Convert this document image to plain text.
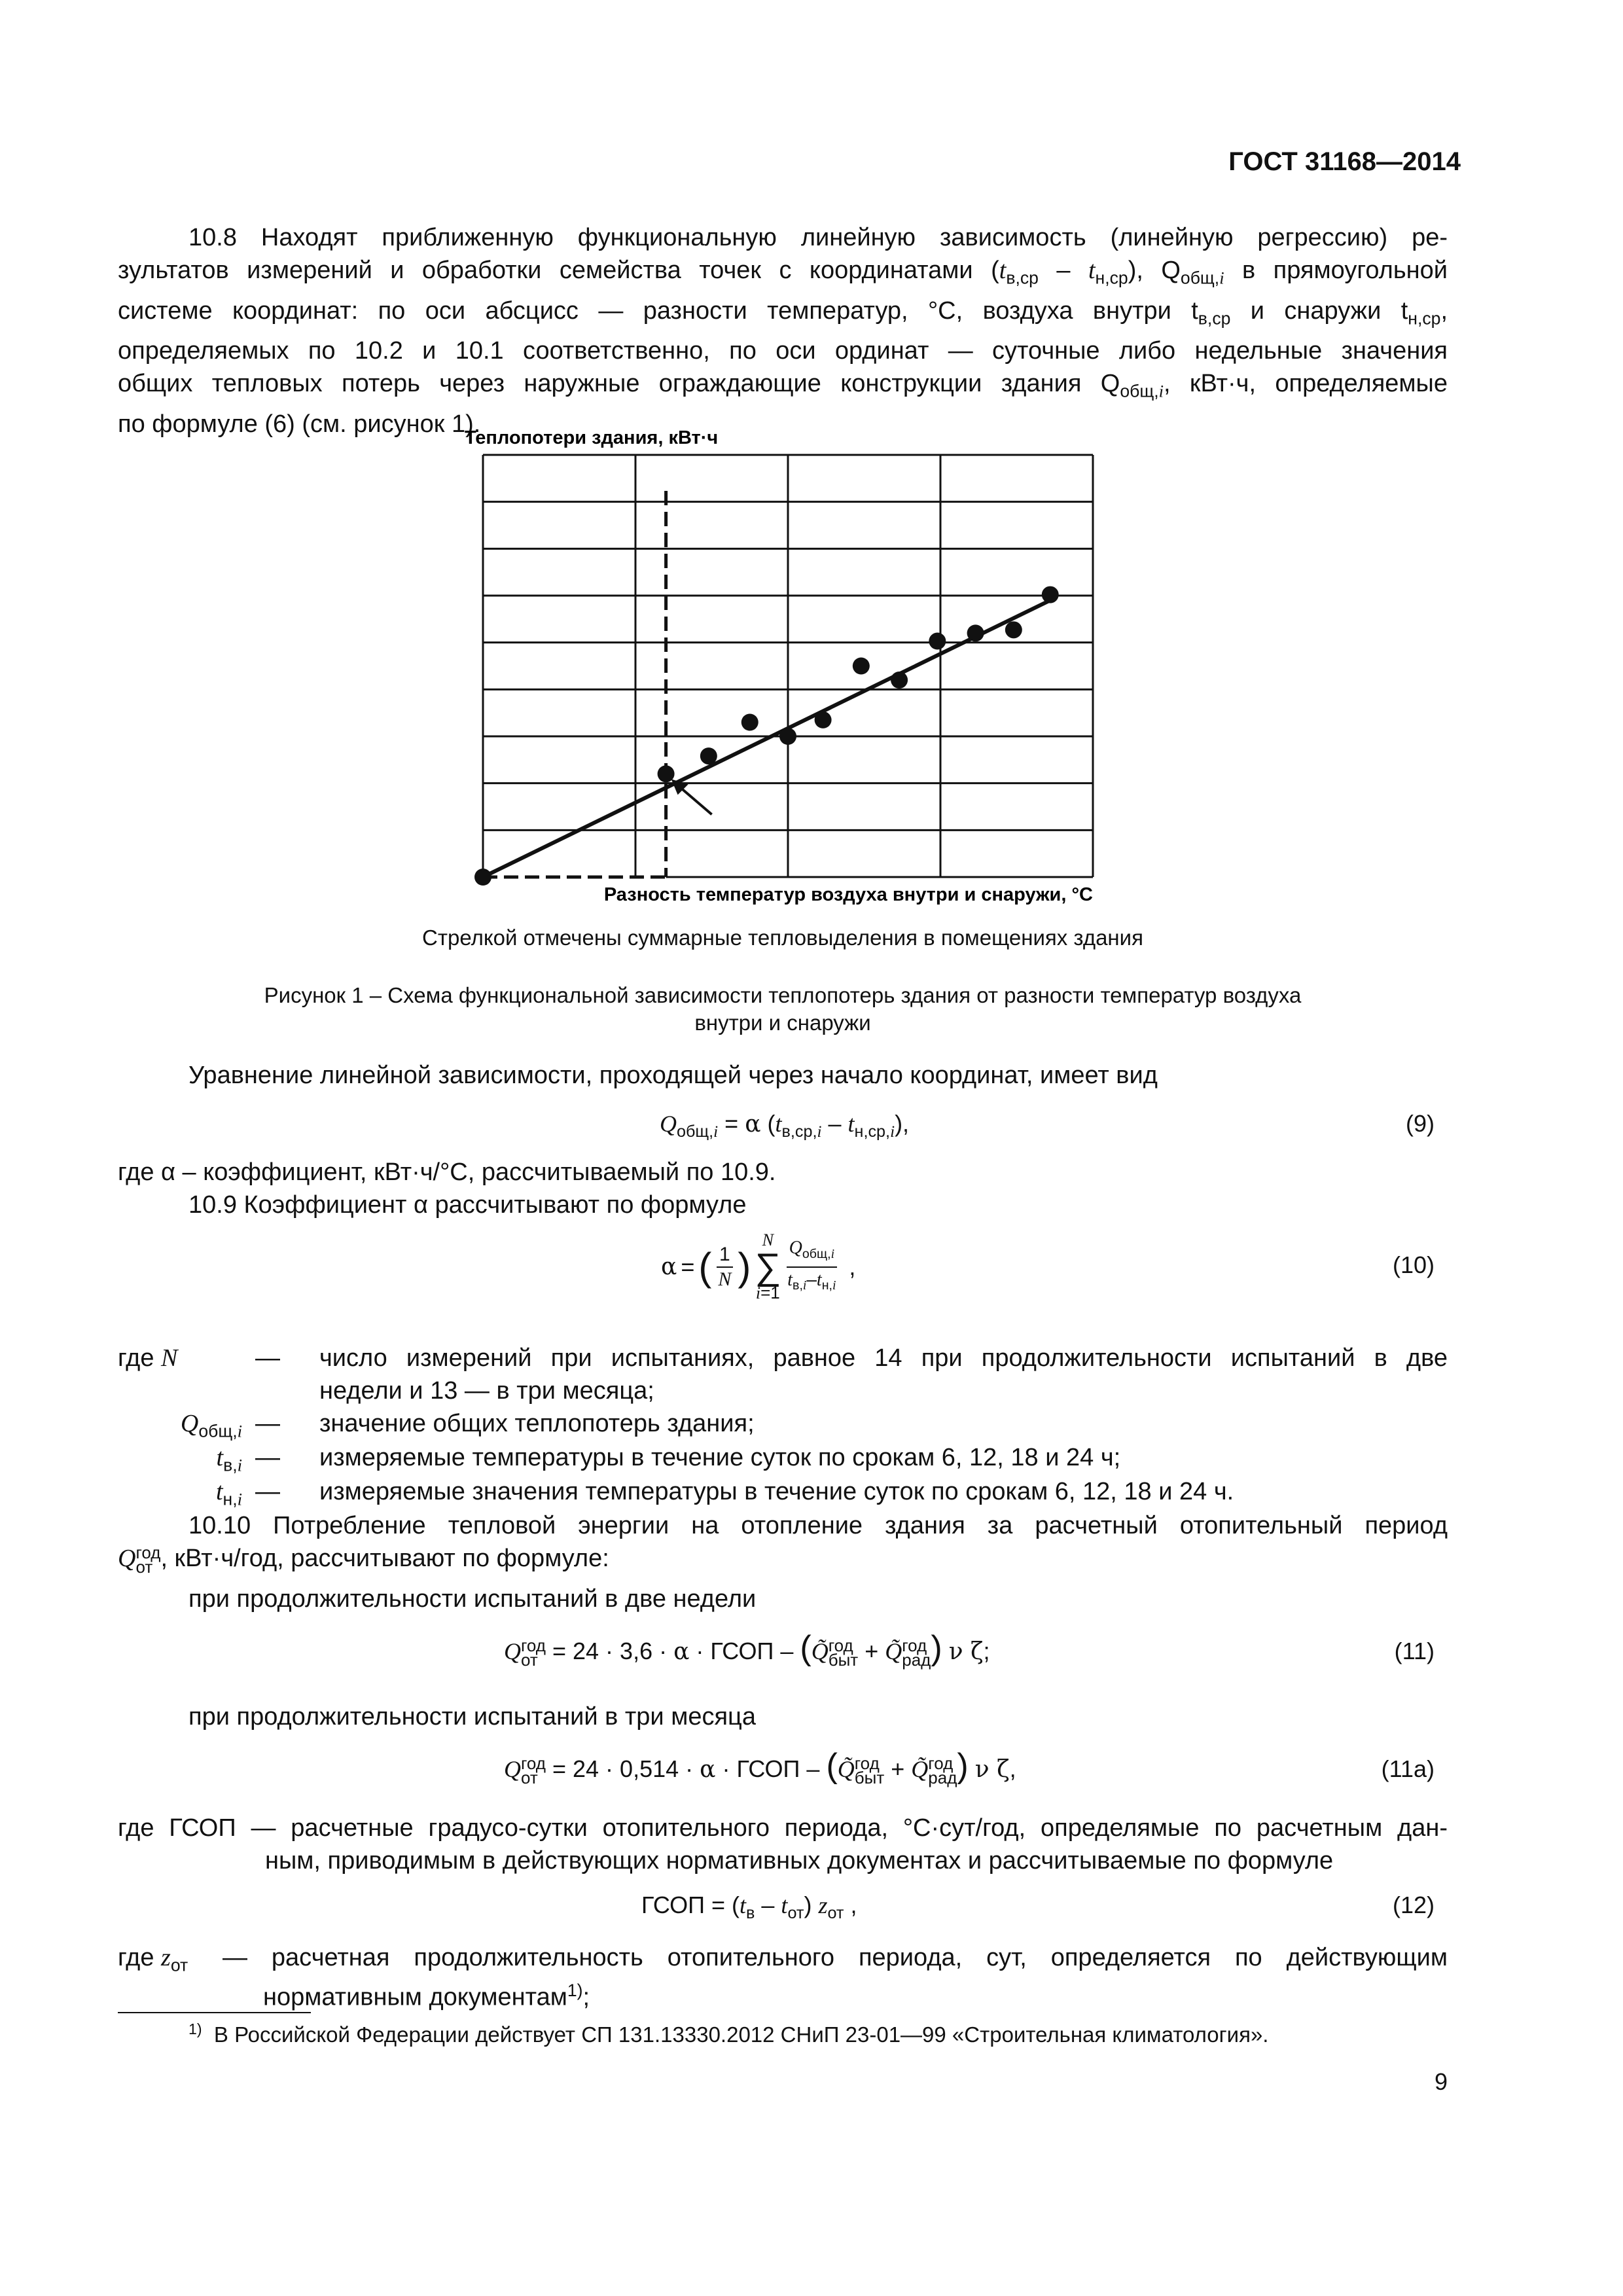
ГОСТ 31168—2014
10.8 Находят приближенную функциональную линейную зависимость (линейную регрессию) ре-
зультатов измерений и обработки семейства точек с координатами $(t_{в,ср} - t_{н,ср})$, $Q_{общ,i}$ в прямоугольной
системе координат: по оси абсцисс — разности температур, °С, воздуха внутри $t_{в,ср}$ и снаружи $t_{н,ср}$,
определяемых по 10.2 и 10.1 соответственно, по оси ординат — суточные либо недельные значения
общих тепловых потерь через наружные ограждающие конструкции здания $Q_{общ,i}$, кВт·ч, определяемые
по формуле (6) (см. рисунок 1).
Теплопотери здания, кВт·ч
Разность температур воздуха внутри и снаружи, °С
Стрелкой отмечены суммарные тепловыделения в помещениях здания
Рисунок 1 – Схема функциональной зависимости теплопотерь здания от разности температур воздуха
внутри и снаружи
Уравнение линейной зависимости, проходящей через начало координат, имеет вид
$Q_{общ,i} = \alpha$ $(t_{в,ср,i} - t_{н,ср,i})$,	(9)
где α – коэффициент, кВт·ч/°С, рассчитываемый по 10.9.
10.9 Коэффициент α рассчитывают по формуле
α = ( $\frac{1}{N}$ )
N
∑
$i=1 \frac{Q_{общ,i}}{t_{в,i}-t_{н,i}}$ ,	(10)
где N	— число измерений при испытаниях, равное 14 при продолжительности испытаний в две
недели и 13 — в три месяца;
$Q_{общ,i}$ — значение общих теплопотерь здания;
$t_{в,i}$ — измеряемые температуры в течение суток по срокам 6, 12, 18 и 24 ч;
$t_{н,i}$ — измеряемые значения температуры в течение суток по срокам 6, 12, 18 и 24 ч.
10.10 Потребление тепловой энергии на отопление здания за расчетный отопительный период
Q год
от , кВт·ч/год, рассчитывают по формуле:
при продолжительности испытаний в две недели
Q год
от = 24 · 3,6 · α · ГСОП – (Q̃ год
быт + Q̃ год
рад ) ν ζ;	(11)
при продолжительности испытаний в три месяца
Q год
от = 24 · 0,514 · α · ГСОП – (Q̃ год
быт + Q̃ год
рад ) ν ζ,	(11а)
где ГСОП — расчетные градусо-сутки отопительного периода, °С·сут/год, определямые по расчетным дан-
ным, приводимым в действующих нормативных документах и рассчитываемые по формуле
ГСОП = $(t_в - t_{от})$ $z_{от}$ ,	(12)
где $z_{от}$ — расчетная продолжительность отопительного периода, сут, определяется по действующим
нормативным документам$^{1)}$;
$^{1)}$ В Российской Федерации действует СП 131.13330.2012 СНиП 23-01—99 «Строительная климатология».
9
